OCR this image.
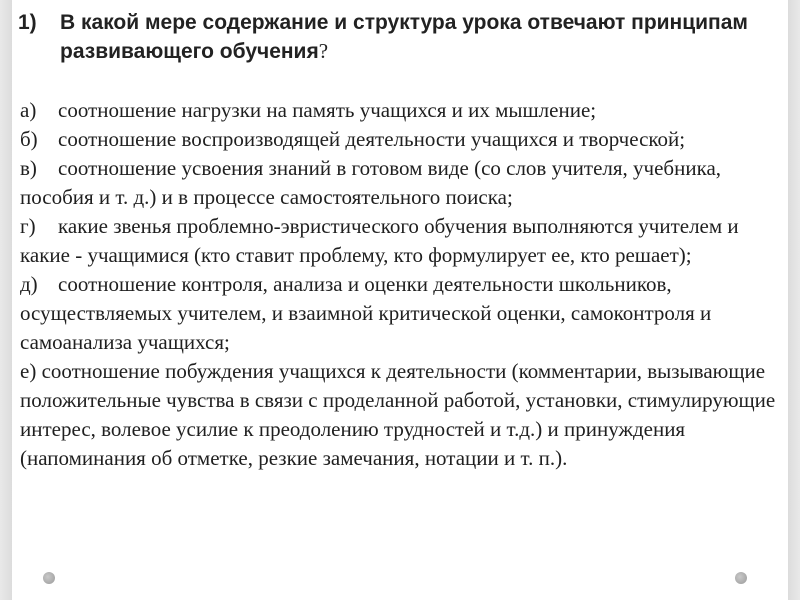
1) В какой мере содержание и структура урока отвечают принципам развивающего обучения?

а) соотношение нагрузки на память учащихся и их мышление;

б) соотношение воспроизводящей деятельности учащихся и творческой;

в) соотношение усвоения знаний в готовом виде (со слов учителя, учебника, пособия и т. д.) и в процессе самостоятельного поиска;

г) какие звенья проблемно-эвристического обучения выполняются учителем и какие - учащимися (кто ставит проблему, кто формулирует ее, кто решает);

д) соотношение контроля, анализа и оценки деятельности школьников, осуществляемых учителем, и взаимной критической оценки, самоконтроля и самоанализа учащихся;

е) соотношение побуждения учащихся к деятельности (комментарии, вызывающие положительные чувства в связи с проделанной работой, установки, стимулирующие интерес, волевое усилие к преодолению трудностей и т.д.) и принуждения (напоминания об отметке, резкие замечания, нотации и т. п.).
